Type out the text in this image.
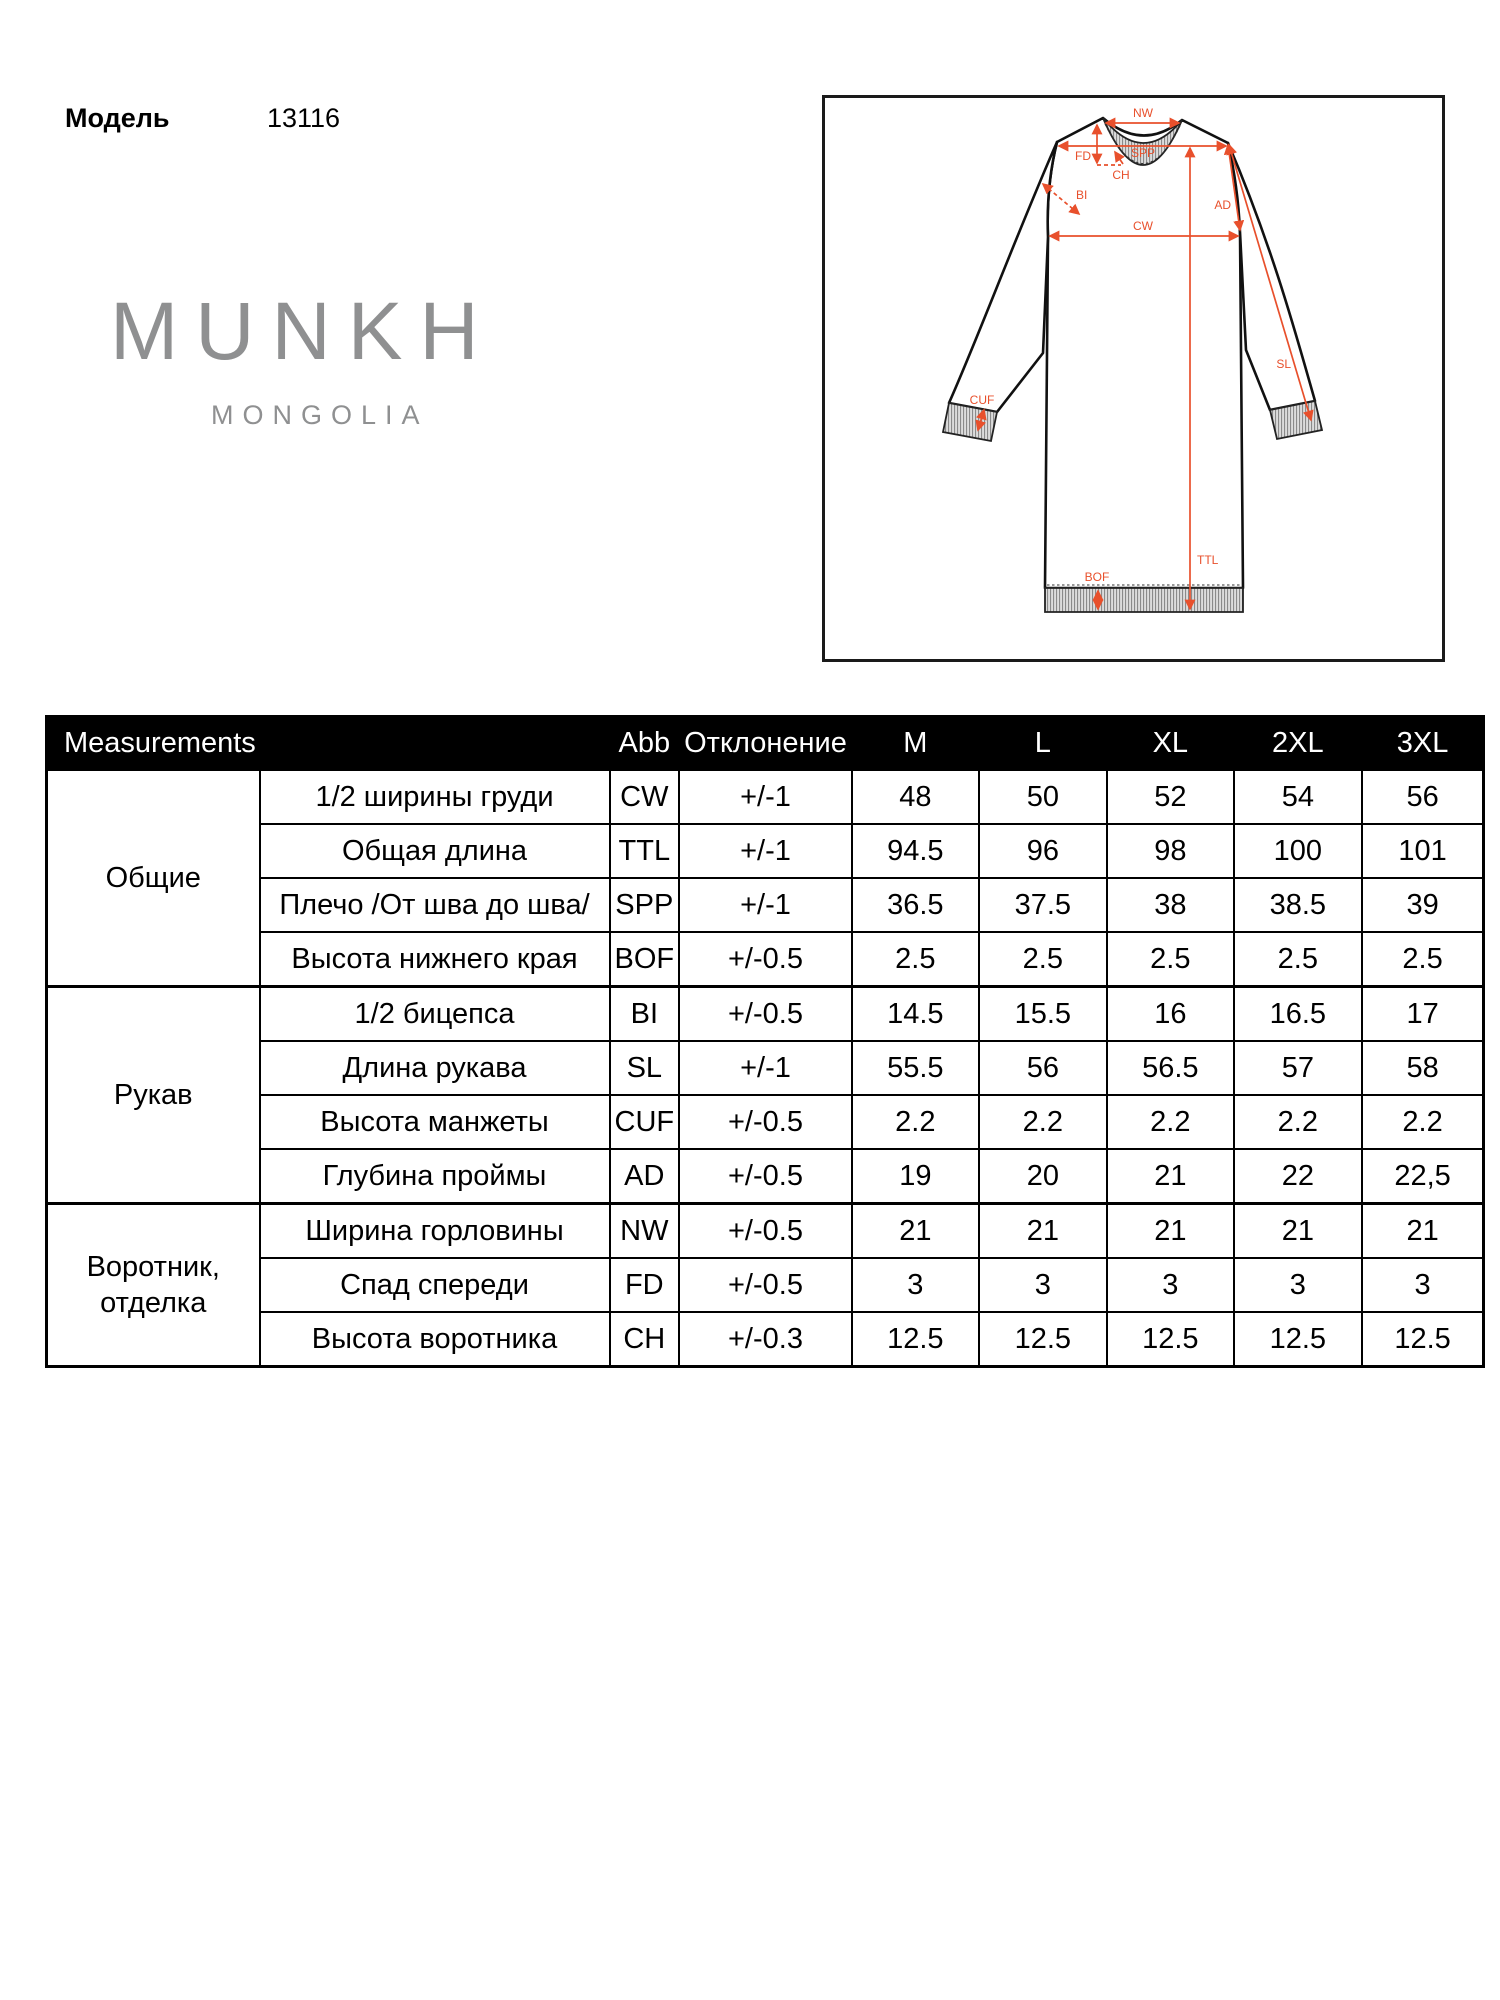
Модель	13116
MUNKH
MONGOLIA
NW
SPP
FD
CH
BI
AD
CW
SL
TTL
BOF
CUF
Measurements		Abb	Отклонение	M	L	XL	2XL	3XL
Общие	1/2 ширины груди	CW	+/-1	48	50	52	54	56
	Общая длина	TTL	+/-1	94.5	96	98	100	101
	Плечо /От шва до шва/	SPP	+/-1	36.5	37.5	38	38.5	39
	Высота нижнего края	BOF	+/-0.5	2.5	2.5	2.5	2.5	2.5
Рукав	1/2 бицепса	BI	+/-0.5	14.5	15.5	16	16.5	17
	Длина рукава	SL	+/-1	55.5	56	56.5	57	58
	Высота манжеты	CUF	+/-0.5	2.2	2.2	2.2	2.2	2.2
	Глубина проймы	AD	+/-0.5	19	20	21	22	22,5
Воротник, отделка	Ширина горловины	NW	+/-0.5	21	21	21	21	21
	Спад спереди	FD	+/-0.5	3	3	3	3	3
	Высота воротника	CH	+/-0.3	12.5	12.5	12.5	12.5	12.5
